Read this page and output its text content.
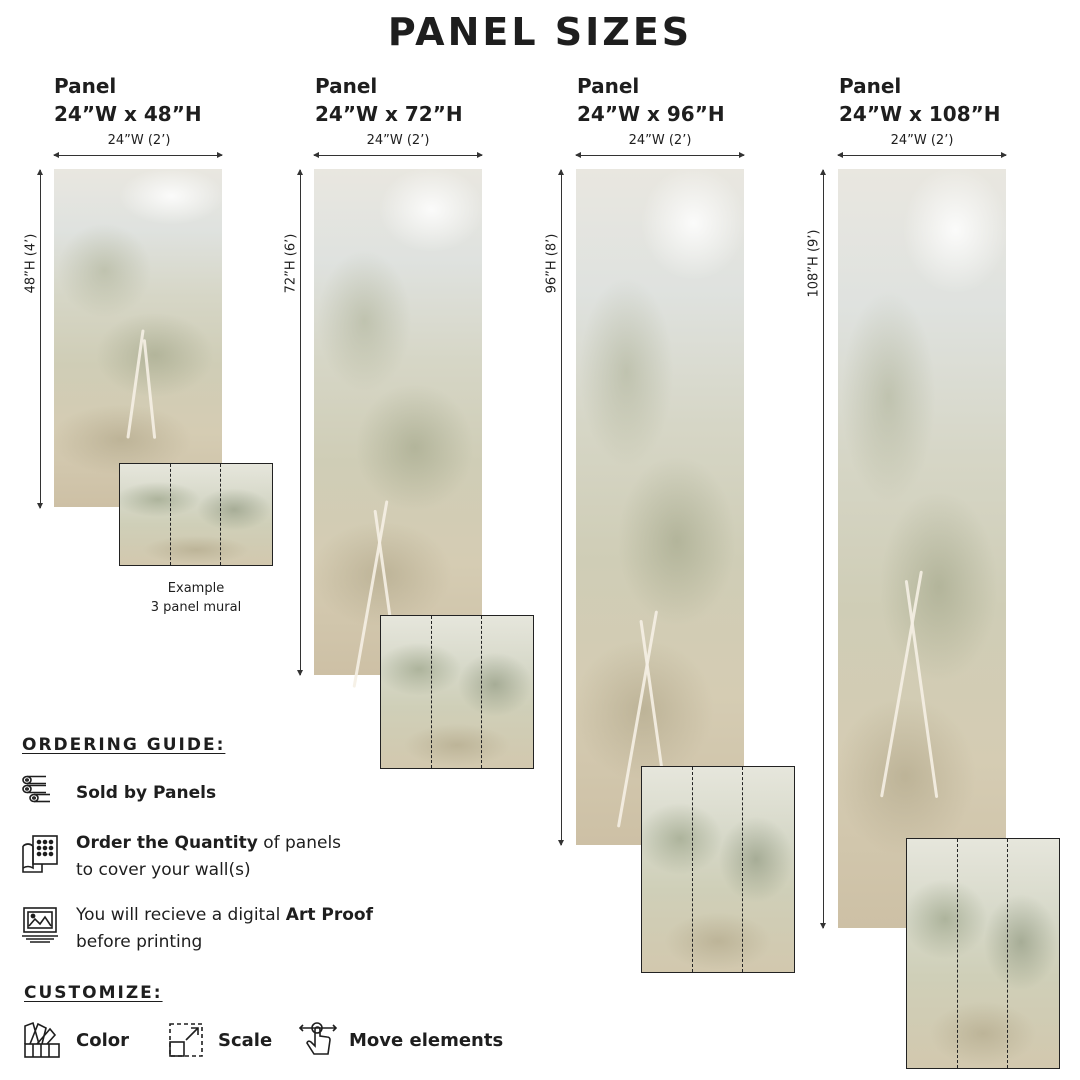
PANEL SIZES
Panel
24”W x 48”H
24”W (2’)
48”H (4’)
Example
3 panel mural
Panel
24”W x 72”H
24”W (2’)
72”H (6’)
Panel
24”W x 96”H
24”W (2’)
96”H (8’)
Panel
24”W x 108”H
24”W (2’)
108”H (9’)
ORDERING GUIDE:
Sold by Panels
Order the Quantity of panels
to cover your wall(s)
You will recieve a digital Art Proof
before printing
CUSTOMIZE:
Color	Scale	Move elements
